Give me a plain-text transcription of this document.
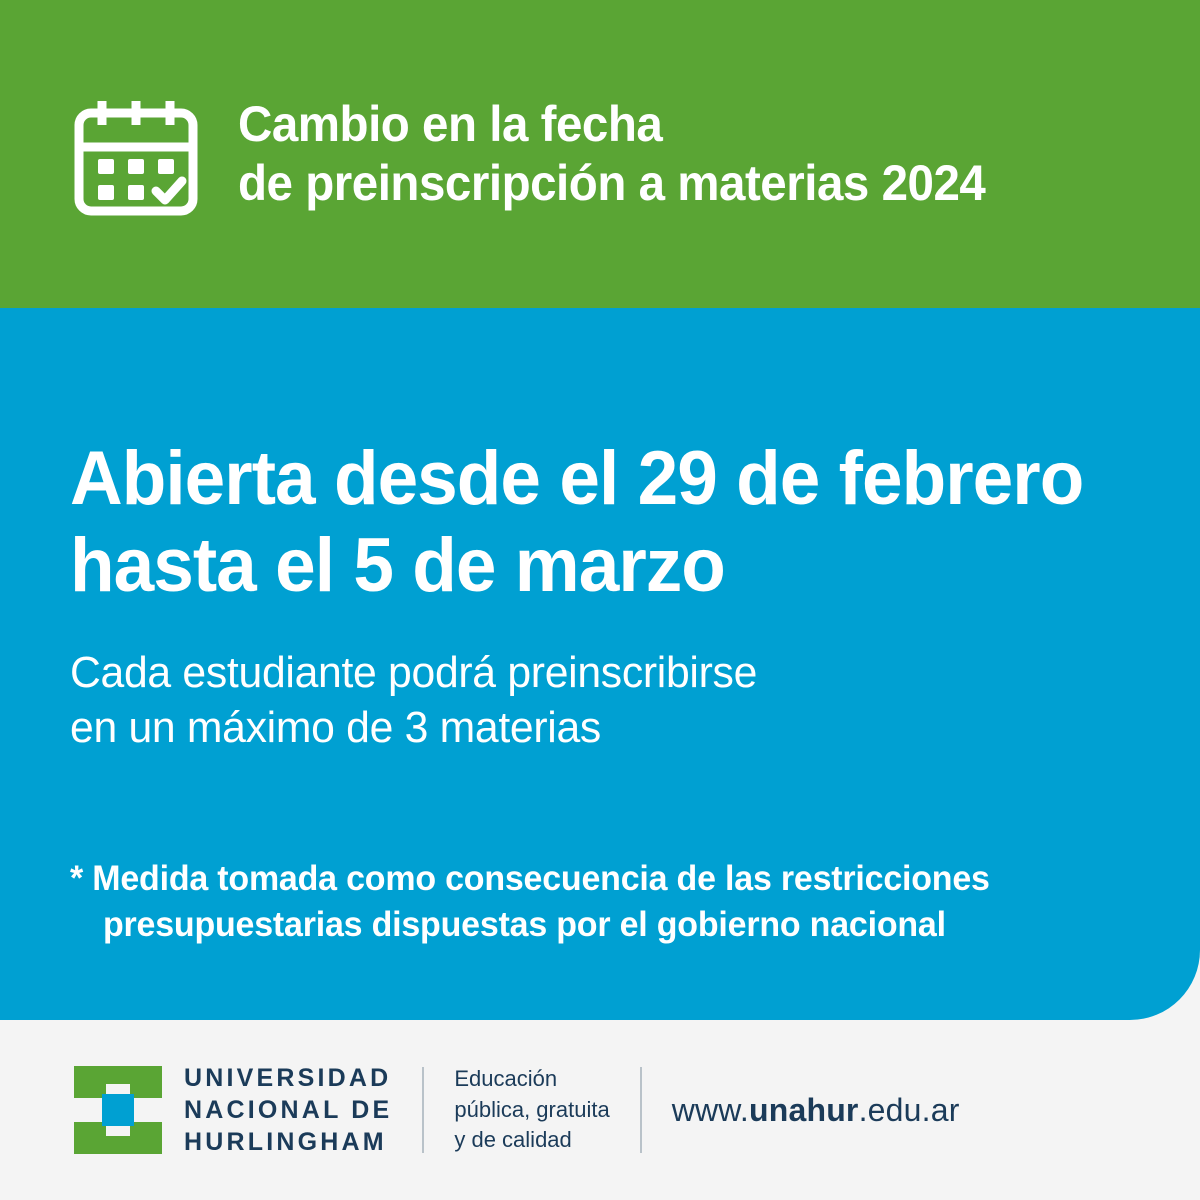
Cambio en la fecha
de preinscripción a materias 2024
Abierta desde el 29 de febrero
hasta el 5 de marzo
Cada estudiante podrá preinscribirse
en un máximo de 3 materias
* Medida tomada como consecuencia de las restricciones
presupuestarias dispuestas por el gobierno nacional
UNIVERSIDAD
NACIONAL DE
HURLINGHAM
Educación
pública, gratuita
y de calidad
www.unahur.edu.ar
